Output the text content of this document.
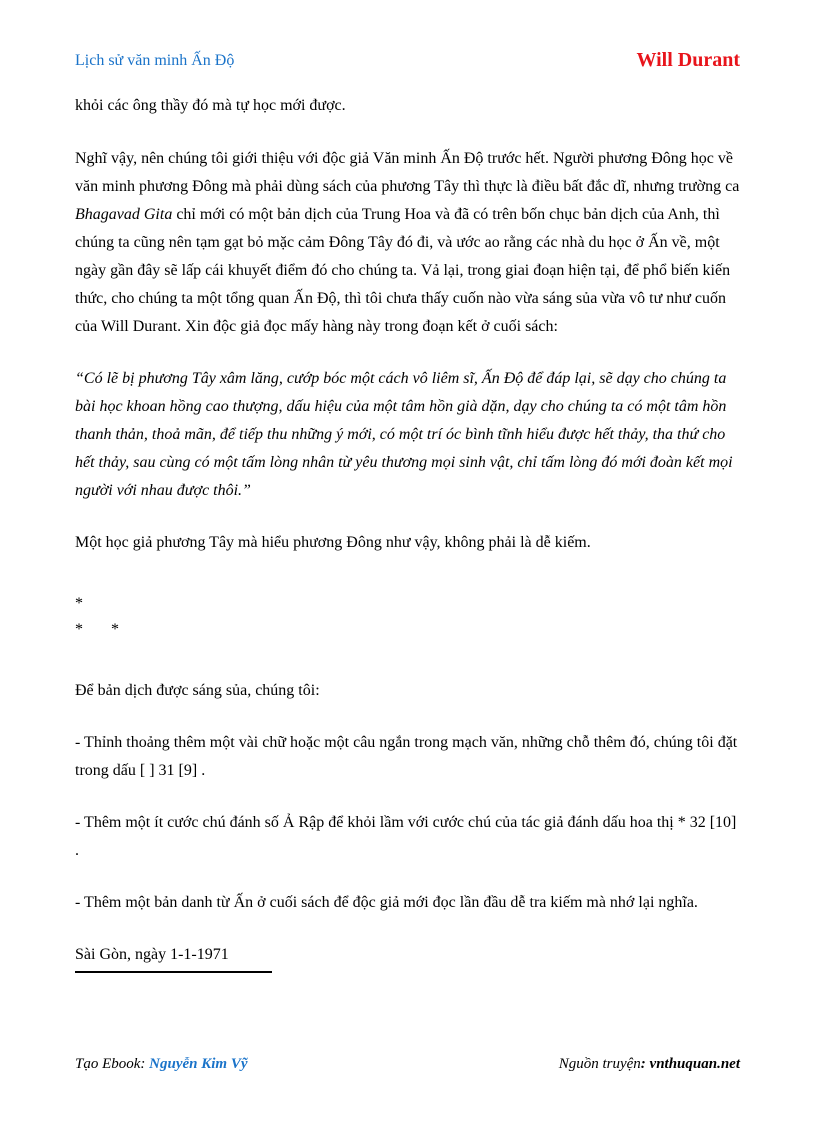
Lịch sử văn minh Ấn Độ	Will Durant

khỏi các ông thầy đó mà tự học mới được.

Nghĩ vậy, nên chúng tôi giới thiệu với độc giả Văn minh Ấn Độ trước hết. Người phương Đông học về văn minh phương Đông mà phải dùng sách của phương Tây thì thực là điều bất đắc dĩ, nhưng trường ca Bhagavad Gita chỉ mới có một bản dịch của Trung Hoa và đã có trên bốn chục bản dịch của Anh, thì chúng ta cũng nên tạm gạt bỏ mặc cảm Đông Tây đó đi, và ước ao rằng các nhà du học ở Ấn về, một ngày gần đây sẽ lấp cái khuyết điểm đó cho chúng ta. Vả lại, trong giai đoạn hiện tại, để phổ biến kiến thức, cho chúng ta một tổng quan Ấn Độ, thì tôi chưa thấy cuốn nào vừa sáng sủa vừa vô tư như cuốn của Will Durant. Xin độc giả đọc mấy hàng này trong đoạn kết ở cuối sách:

“Có lẽ bị phương Tây xâm lăng, cướp bóc một cách vô liêm sĩ, Ấn Độ để đáp lại, sẽ dạy cho chúng ta bài học khoan hồng cao thượng, dấu hiệu của một tâm hồn già dặn, dạy cho chúng ta có một tâm hồn thanh thản, thoả mãn, để tiếp thu những ý mới, có một trí óc bình tĩnh hiểu được hết thảy, tha thứ cho hết thảy, sau cùng có một tấm lòng nhân từ yêu thương mọi sinh vật, chỉ tấm lòng đó mới đoàn kết mọi người với nhau được thôi.”

Một học giả phương Tây mà hiểu phương Đông như vậy, không phải là dễ kiếm.

*
* *

Để bản dịch được sáng sủa, chúng tôi:

- Thỉnh thoảng thêm một vài chữ hoặc một câu ngắn trong mạch văn, những chỗ thêm đó, chúng tôi đặt trong dấu [ ] 31 [9] .

- Thêm một ít cước chú đánh số Ả Rập để khỏi lầm với cước chú của tác giả đánh dấu hoa thị * 32 [10] .

- Thêm một bản danh từ Ấn ở cuối sách để độc giả mới đọc lần đầu dễ tra kiếm mà nhớ lại nghĩa.

Sài Gòn, ngày 1-1-1971

Tạo Ebook: Nguyễn Kim Vỹ	Nguồn truyện: vnthuquan.net
